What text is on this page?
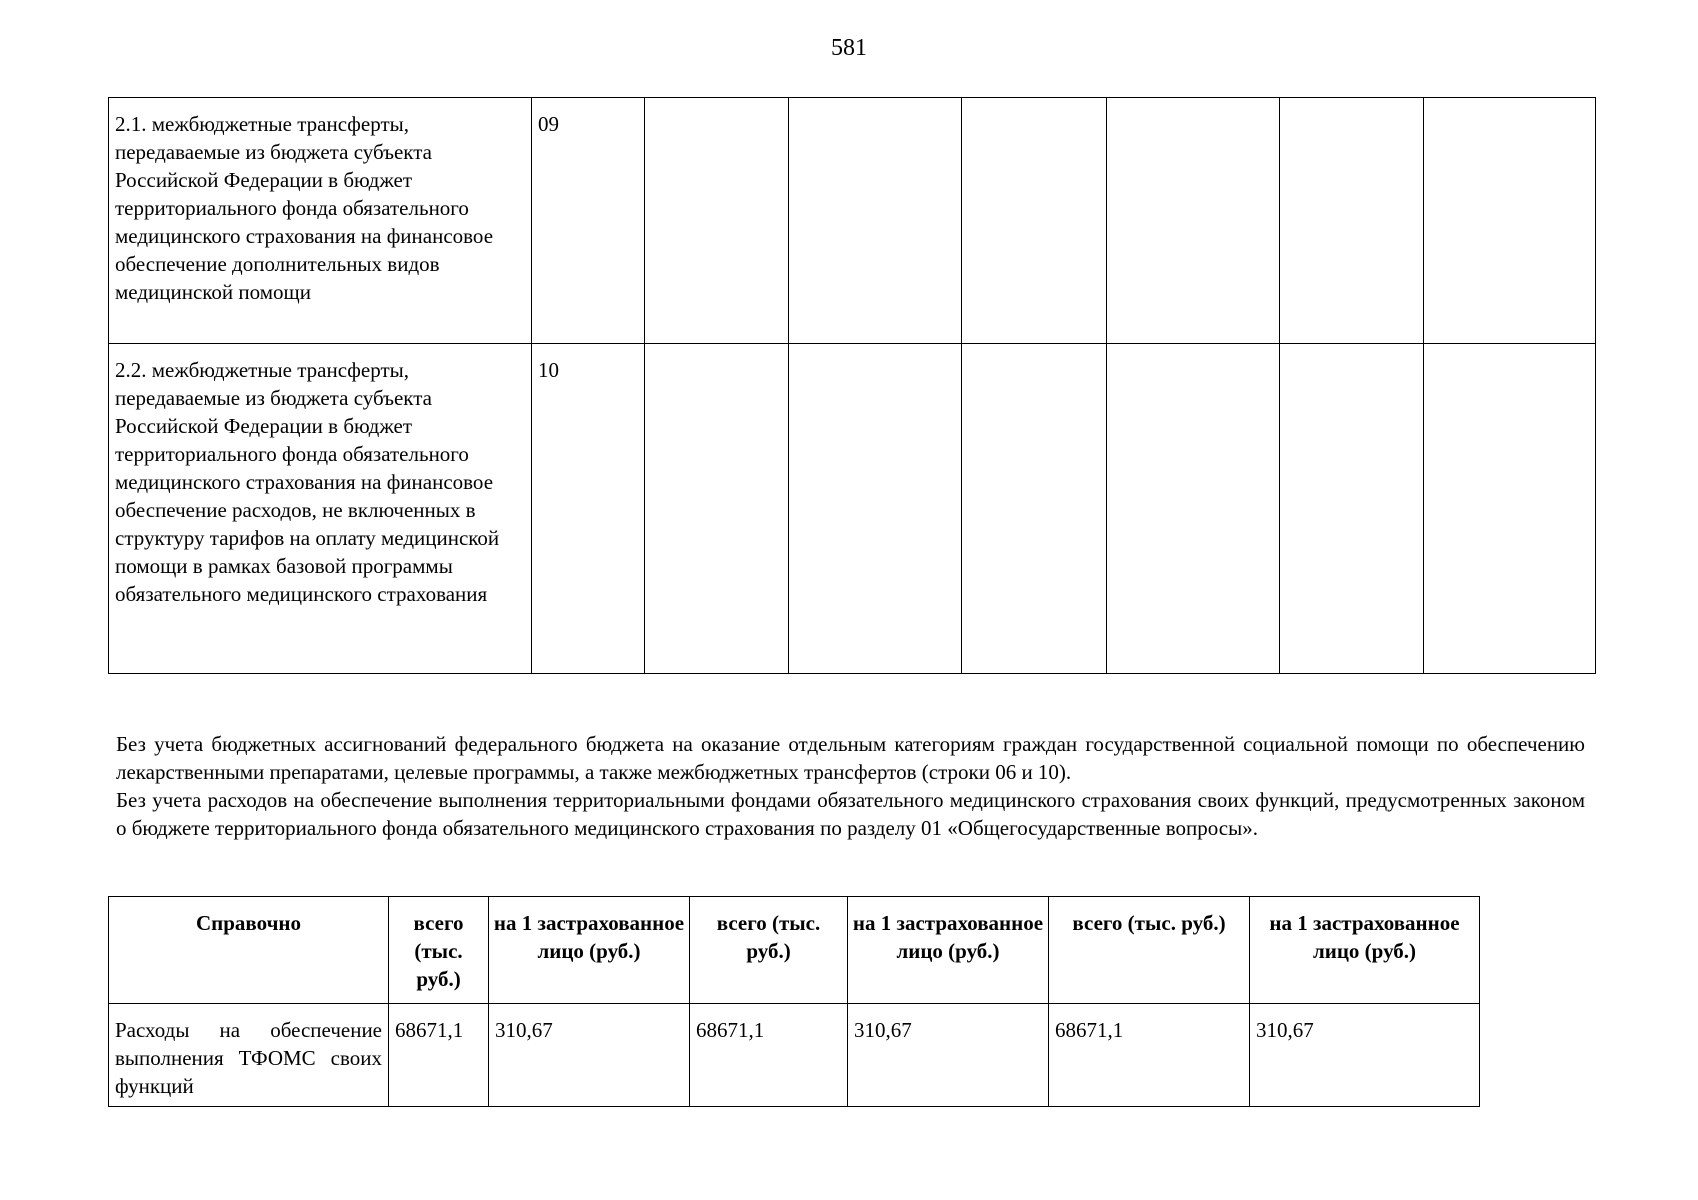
581
2.1. межбюджетные трансферты, передаваемые из бюджета субъекта Российской Федерации в бюджет территориального фонда обязательного медицинского страхования на финансовое обеспечение дополнительных видов медицинской помощи	09						
2.2. межбюджетные трансферты, передаваемые из бюджета субъекта Российской Федерации в бюджет территориального фонда обязательного медицинского страхования на финансовое обеспечение расходов, не включенных в структуру тарифов на оплату медицинской помощи в рамках базовой программы обязательного медицинского страхования	10						

Без учета бюджетных ассигнований федерального бюджета на оказание отдельным категориям граждан государственной социальной помощи по обеспечению лекарственными препаратами, целевые программы, а также межбюджетных трансфертов (строки 06 и 10).

Без учета расходов на обеспечение выполнения территориальными фондами обязательного медицинского страхования своих функций, предусмотренных законом о бюджете территориального фонда обязательного медицинского страхования по разделу 01 «Общегосударственные вопросы».

Справочно	всего (тыс. руб.)	на 1 застрахованное лицо (руб.)	всего (тыс. руб.)	на 1 застрахованное лицо (руб.)	всего (тыс. руб.)	на 1 застрахованное лицо (руб.)
Расходы на обеспечение выполнения ТФОМС своих функций	68671,1	310,67	68671,1	310,67	68671,1	310,67
